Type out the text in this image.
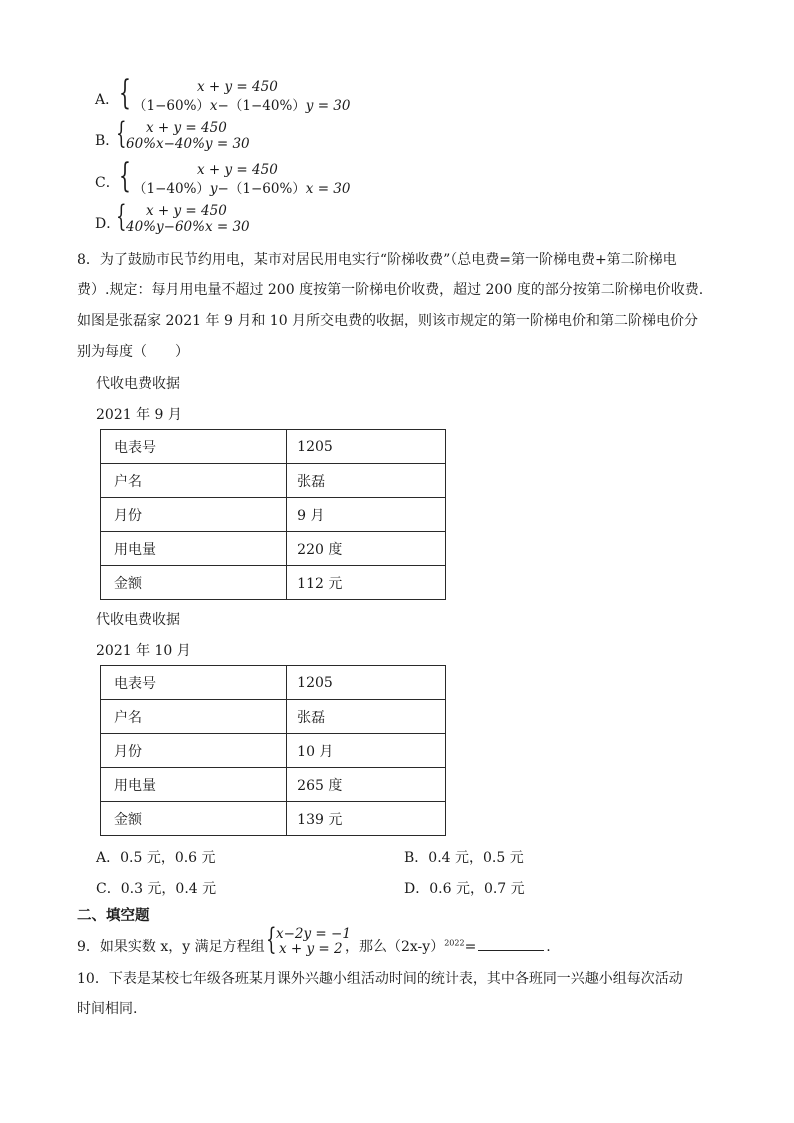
A． {	x + y = 450
（1−60%）x−（1−40%）y = 30
B．
{ x + y = 450
60%x−40%y = 30
C． {	x + y = 450
（1−40%）y−（1−60%）x = 30
D．
{ x + y = 450
40%y−60%x = 30
8．为了鼓励市民节约用电，某市对居民用电实行“阶梯收费”（总电费=第一阶梯电费+第二阶梯电
费）.规定：每月用电量不超过 200 度按第一阶梯电价收费，超过 200 度的部分按第二阶梯电价收费.
如图是张磊家 2021 年 9 月和 10 月所交电费的收据，则该市规定的第一阶梯电价和第二阶梯电价分
别为每度（　　）
代收电费收据
2021 年 9 月
电表号	1205
户名	张磊
月份	9 月
用电量	220 度
金额	112 元
代收电费收据
2021 年 10 月
电表号	1205
户名	张磊
月份	10 月
用电量	265 度
金额	139 元
A．0.5 元，0.6 元	B．0.4 元，0.5 元
C．0.3 元，0.4 元	D．0.6 元，0.7 元
二、填空题
9．如果实数 x，y 满足方程组 { x−2y = −1
x + y = 2 ，那么$(2x-y)^{2022}=$	.
10．下表是某校七年级各班某月课外兴趣小组活动时间的统计表，其中各班同一兴趣小组每次活动
时间相同.
